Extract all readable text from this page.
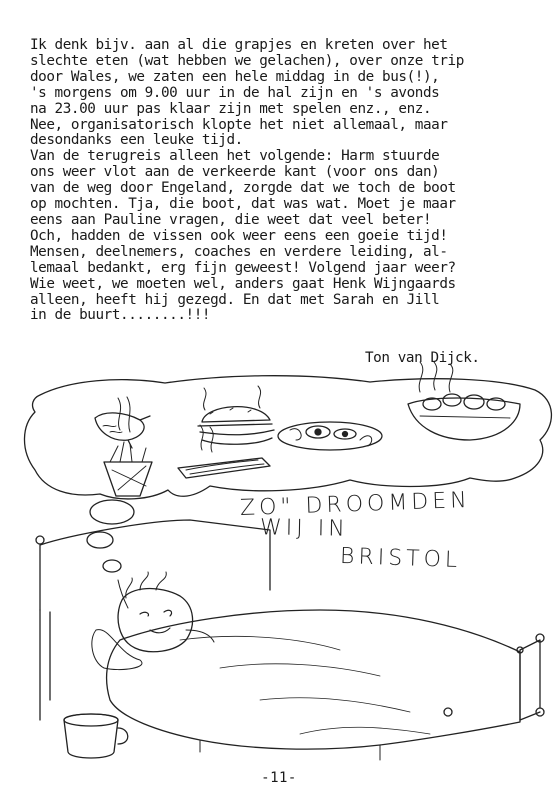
Ik denk bijv. aan al die grapjes en kreten over het
slechte eten (wat hebben we gelachen), over onze trip
door Wales, we zaten een hele middag in de bus(!),
's morgens om 9.00 uur in de hal zijn en 's avonds
na 23.00 uur pas klaar zijn met spelen enz., enz.
Nee, organisatorisch klopte het niet allemaal, maar
desondanks een leuke tijd.
Van de terugreis alleen het volgende: Harm stuurde
ons weer vlot aan de verkeerde kant (voor ons dan)
van de weg door Engeland, zorgde dat we toch de boot
op mochten. Tja, die boot, dat was wat. Moet je maar
eens aan Pauline vragen, die weet dat veel beter!
Och, hadden de vissen ook weer eens een goeie tijd!
Mensen, deelnemers, coaches en verdere leiding, al-
lemaal bedankt, erg fijn geweest! Volgend jaar weer?
Wie weet, we moeten wel, anders gaat Henk Wijngaards
alleen, heeft hij gezegd. En dat met Sarah en Jill
in de buurt........!!!
Ton van Dijck.
ZO" DROOMDEN
WIJ IN
BRISTOL
-11-
